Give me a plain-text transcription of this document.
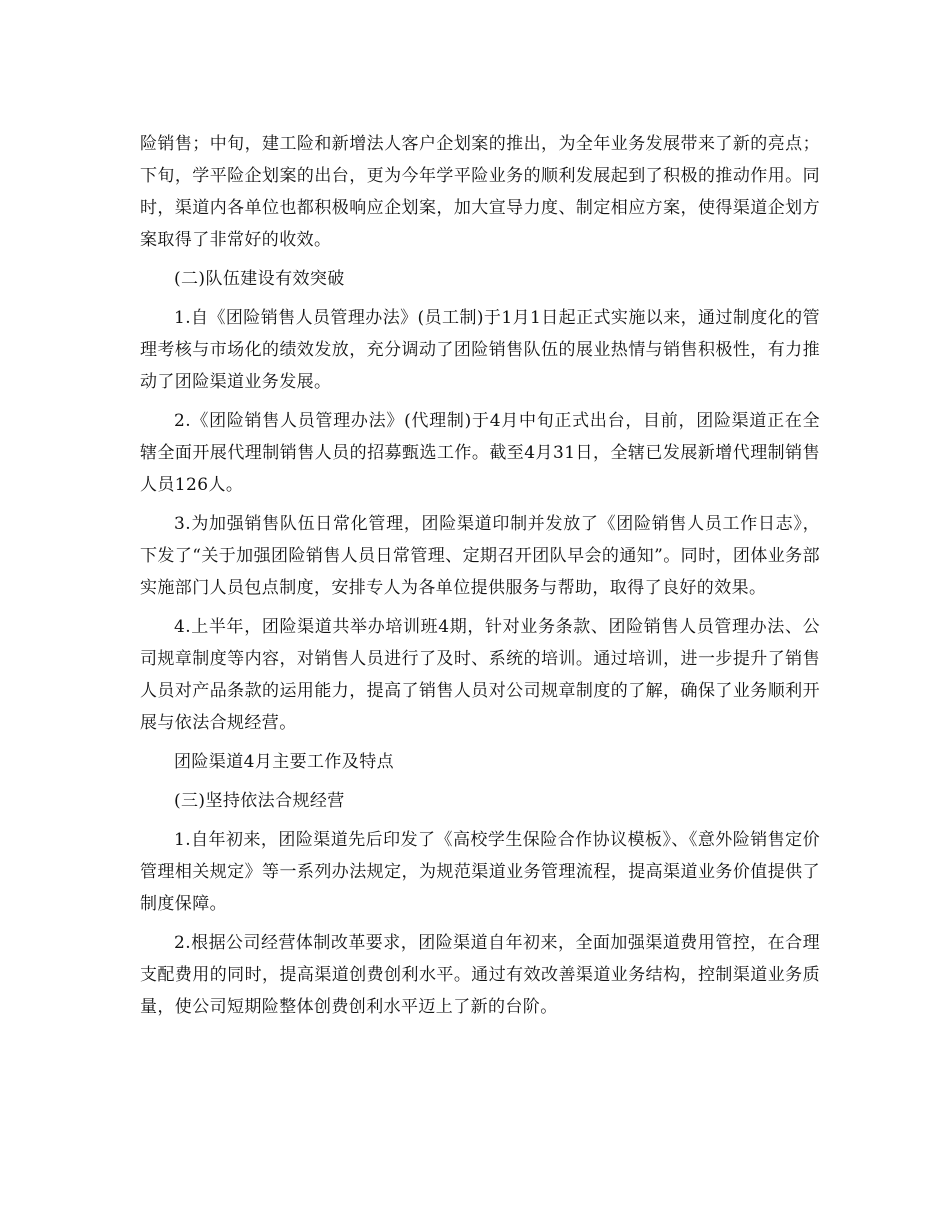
险销售；中旬，建工险和新增法人客户企划案的推出，为全年业务发展带来了新的亮点；下旬，学平险企划案的出台，更为今年学平险业务的顺利发展起到了积极的推动作用。同时，渠道内各单位也都积极响应企划案，加大宣导力度、制定相应方案，使得渠道企划方案取得了非常好的收效。

(二)队伍建设有效突破

1.自《团险销售人员管理办法》(员工制)于1月1日起正式实施以来，通过制度化的管理考核与市场化的绩效发放，充分调动了团险销售队伍的展业热情与销售积极性，有力推动了团险渠道业务发展。

2.《团险销售人员管理办法》(代理制)于4月中旬正式出台，目前，团险渠道正在全辖全面开展代理制销售人员的招募甄选工作。截至4月31日，全辖已发展新增代理制销售人员126人。

3.为加强销售队伍日常化管理，团险渠道印制并发放了《团险销售人员工作日志》，下发了“关于加强团险销售人员日常管理、定期召开团队早会的通知”。同时，团体业务部实施部门人员包点制度，安排专人为各单位提供服务与帮助，取得了良好的效果。

4.上半年，团险渠道共举办培训班4期，针对业务条款、团险销售人员管理办法、公司规章制度等内容，对销售人员进行了及时、系统的培训。通过培训，进一步提升了销售人员对产品条款的运用能力，提高了销售人员对公司规章制度的了解，确保了业务顺利开展与依法合规经营。

团险渠道4月主要工作及特点

(三)坚持依法合规经营

1.自年初来，团险渠道先后印发了《高校学生保险合作协议模板》、《意外险销售定价管理相关规定》等一系列办法规定，为规范渠道业务管理流程，提高渠道业务价值提供了制度保障。

2.根据公司经营体制改革要求，团险渠道自年初来，全面加强渠道费用管控，在合理支配费用的同时，提高渠道创费创利水平。通过有效改善渠道业务结构，控制渠道业务质量，使公司短期险整体创费创利水平迈上了新的台阶。
